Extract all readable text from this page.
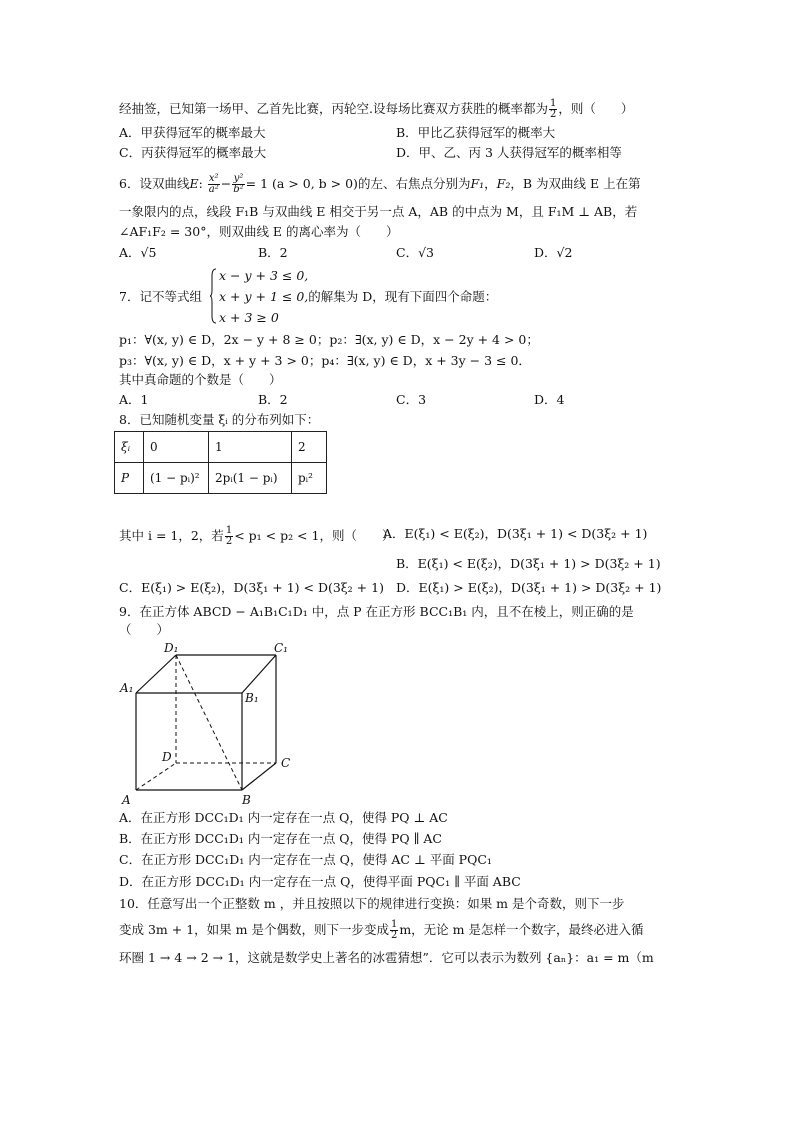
经抽签，已知第一场甲、乙首先比赛，丙轮空.设每场比赛双方获胜的概率都为 $\frac{1}{2}$ ，则（　　）
A．甲获得冠军的概率最大	B．甲比乙获得冠军的概率大
C．丙获得冠军的概率最大	D．甲、乙、丙 3 人获得冠军的概率相等
6．设双曲线E: $\frac{\text{x²}}{\text{a²}} - \frac{\text{y²}}{\text{b²}} = 1$ (a > 0, b > 0)的左、右焦点分别为F₁，F₂，B 为双曲线 E 上在第
一象限内的点，线段 F₁B 与双曲线 E 相交于另一点 A，AB 的中点为 M，且 F₁M ⊥ AB，若
∠AF₁F₂ = 30°，则双曲线 E 的离心率为（　　）
A．√5	B．2	C．√3	D．√2
x − y + 3 ≤ 0,
7．记不等式组 x + y + 1 ≤ 0,的解集为 D，现有下面四个命题：
x + 3 ≥ 0
p₁：∀(x, y) ∈ D，2x − y + 8 ≥ 0；p₂：∃(x, y) ∈ D，x − 2y + 4 > 0；
p₃：∀(x, y) ∈ D，x + y + 3 > 0；p₄：∃(x, y) ∈ D，x + 3y − 3 ≤ 0．
其中真命题的个数是（　　）
A．1	B．2	C．3	D．4
8．已知随机变量 ξᵢ 的分布列如下：
ξᵢ	0	1	2
P	(1 − pᵢ)²	2pᵢ(1 − pᵢ)	pᵢ²
其中 i = 1，2，若 $\frac{1}{2} < p_1 < p_2 < 1$，则（　　）
A．E(ξ₁) < E(ξ₂)，D(3ξ₁ + 1) < D(3ξ₂ + 1)
B．E(ξ₁) < E(ξ₂)，D(3ξ₁ + 1) > D(3ξ₂ + 1)
C．E(ξ₁) > E(ξ₂)，D(3ξ₁ + 1) < D(3ξ₂ + 1) D．E(ξ₁) > E(ξ₂)，D(3ξ₁ + 1) > D(3ξ₂ + 1)
9．在正方体 ABCD − A₁B₁C₁D₁ 中，点 P 在正方形 BCC₁B₁ 内，且不在棱上，则正确的是
（　　）
D₁	C₁
A₁
B₁
D	C
A	B
A．在正方形 DCC₁D₁ 内一定存在一点 Q，使得 PQ ⊥ AC
B．在正方形 DCC₁D₁ 内一定存在一点 Q，使得 PQ ∥ AC
C．在正方形 DCC₁D₁ 内一定存在一点 Q，使得 AC ⊥ 平面 PQC₁
D．在正方形 DCC₁D₁ 内一定存在一点 Q，使得平面 PQC₁ ∥ 平面 ABC
10．任意写出一个正整数 m ，并且按照以下的规律进行变换：如果 m 是个奇数，则下一步
变成 3m + 1，如果 m 是个偶数，则下一步变成 $\frac{1}{2}$ m，无论 m 是怎样一个数字，最终必进入循
环圈 1 → 4 → 2 → 1，这就是数学史上著名的冰雹猜想”．它可以表示为数列 {aₙ}：a₁ = m（m
